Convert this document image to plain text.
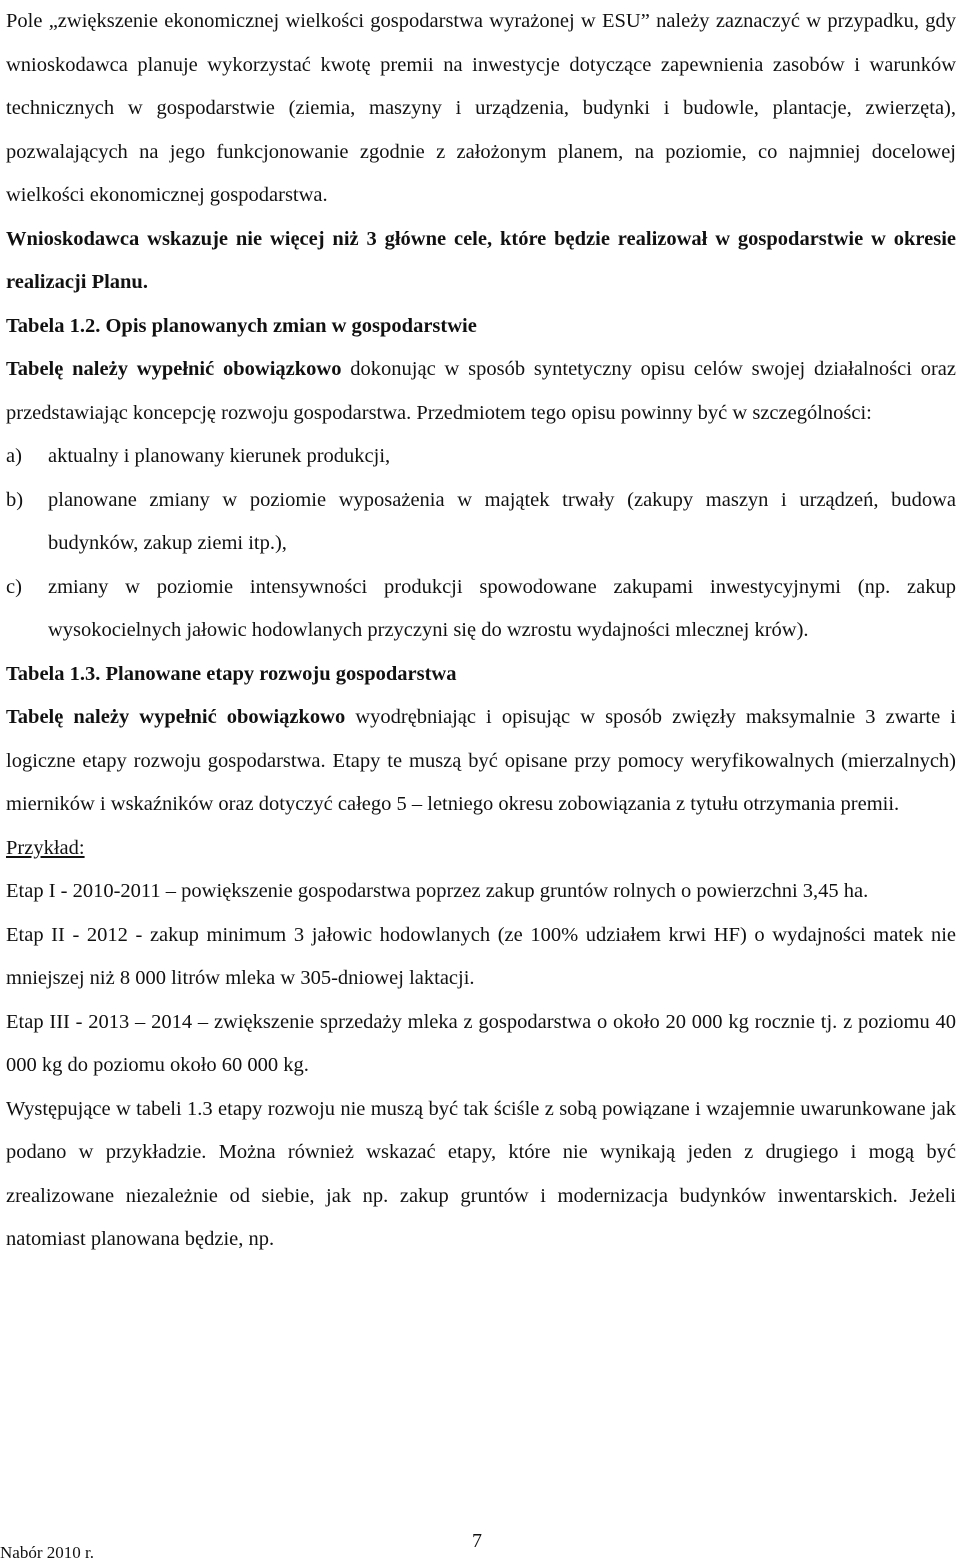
Pole „zwiększenie ekonomicznej wielkości gospodarstwa wyrażonej w ESU” należy zaznaczyć w przypadku, gdy wnioskodawca planuje wykorzystać kwotę premii na inwestycje dotyczące zapewnienia zasobów i warunków technicznych w gospodarstwie (ziemia, maszyny i urządzenia, budynki i budowle, plantacje, zwierzęta), pozwalających na jego funkcjonowanie zgodnie z założonym planem, na poziomie, co najmniej docelowej wielkości ekonomicznej gospodarstwa.

Wnioskodawca wskazuje nie więcej niż 3 główne cele, które będzie realizował w gospodarstwie w okresie realizacji Planu.

Tabela 1.2. Opis planowanych zmian w gospodarstwie

Tabelę należy wypełnić obowiązkowo dokonując w sposób syntetyczny opisu celów swojej działalności oraz przedstawiając koncepcję rozwoju gospodarstwa. Przedmiotem tego opisu powinny być w szczególności:

a) aktualny i planowany kierunek produkcji,

b) planowane zmiany w poziomie wyposażenia w majątek trwały (zakupy maszyn i urządzeń, budowa budynków, zakup ziemi itp.),

c) zmiany w poziomie intensywności produkcji spowodowane zakupami inwestycyjnymi (np. zakup wysokocielnych jałowic hodowlanych przyczyni się do wzrostu wydajności mlecznej krów).

Tabela 1.3. Planowane etapy rozwoju gospodarstwa

Tabelę należy wypełnić obowiązkowo wyodrębniając i opisując w sposób zwięzły maksymalnie 3 zwarte i logiczne etapy rozwoju gospodarstwa. Etapy te muszą być opisane przy pomocy weryfikowalnych (mierzalnych) mierników i wskaźników oraz dotyczyć całego 5 – letniego okresu zobowiązania z tytułu otrzymania premii.

Przykład:

Etap I - 2010-2011 – powiększenie gospodarstwa poprzez zakup gruntów rolnych o powierzchni 3,45 ha.

Etap II - 2012 - zakup minimum 3 jałowic hodowlanych (ze 100% udziałem krwi HF) o wydajności matek nie mniejszej niż 8 000 litrów mleka w 305-dniowej laktacji.

Etap III - 2013 – 2014 – zwiększenie sprzedaży mleka z gospodarstwa o około 20 000 kg rocznie tj. z poziomu 40 000 kg do poziomu około 60 000 kg.

Występujące w tabeli 1.3 etapy rozwoju nie muszą być tak ściśle z sobą powiązane i wzajemnie uwarunkowane jak podano w przykładzie. Można również wskazać etapy, które nie wynikają jeden z drugiego i mogą być zrealizowane niezależnie od siebie, jak np. zakup gruntów i modernizacja budynków inwentarskich. Jeżeli natomiast planowana będzie, np.

Nabór 2010 r.
7
